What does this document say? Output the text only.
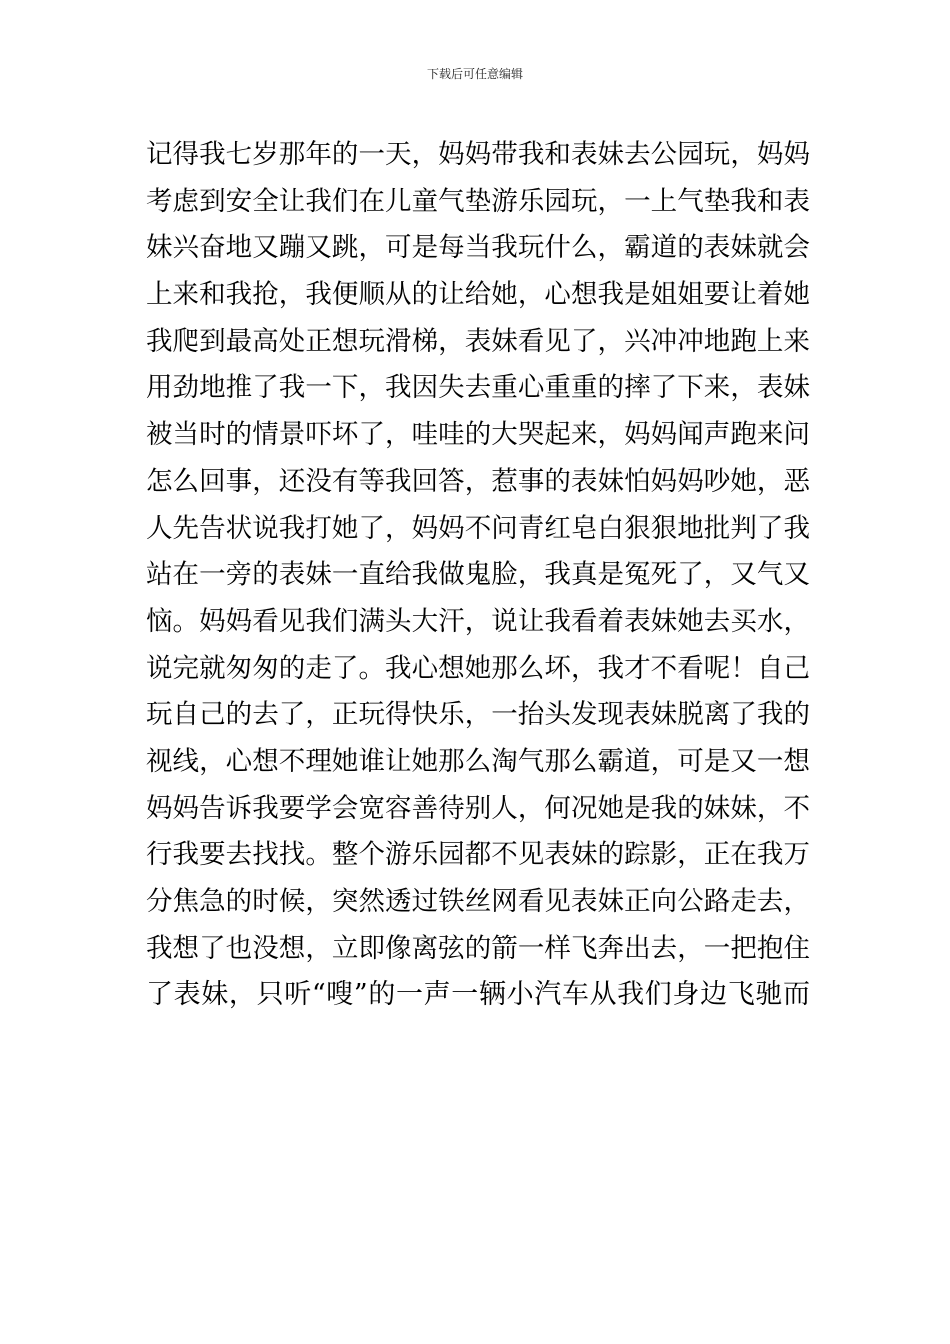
下载后可任意编辑
记得我七岁那年的一天，妈妈带我和表妹去公园玩，妈妈
考虑到安全让我们在儿童气垫游乐园玩，一上气垫我和表
妹兴奋地又蹦又跳，可是每当我玩什么，霸道的表妹就会
上来和我抢，我便顺从的让给她，心想我是姐姐要让着她
我爬到最高处正想玩滑梯，表妹看见了，兴冲冲地跑上来
用劲地推了我一下，我因失去重心重重的摔了下来，表妹
被当时的情景吓坏了，哇哇的大哭起来，妈妈闻声跑来问
怎么回事，还没有等我回答，惹事的表妹怕妈妈吵她，恶
人先告状说我打她了，妈妈不问青红皂白狠狠地批判了我
站在一旁的表妹一直给我做鬼脸，我真是冤死了，又气又
恼。妈妈看见我们满头大汗，说让我看着表妹她去买水，
说完就匆匆的走了。我心想她那么坏，我才不看呢！自己
玩自己的去了，正玩得快乐，一抬头发现表妹脱离了我的
视线，心想不理她谁让她那么淘气那么霸道，可是又一想
妈妈告诉我要学会宽容善待别人，何况她是我的妹妹，不
行我要去找找。整个游乐园都不见表妹的踪影，正在我万
分焦急的时候，突然透过铁丝网看见表妹正向公路走去，
我想了也没想，立即像离弦的箭一样飞奔出去，一把抱住
了表妹，只听“嗖”的一声一辆小汽车从我们身边飞驰而
